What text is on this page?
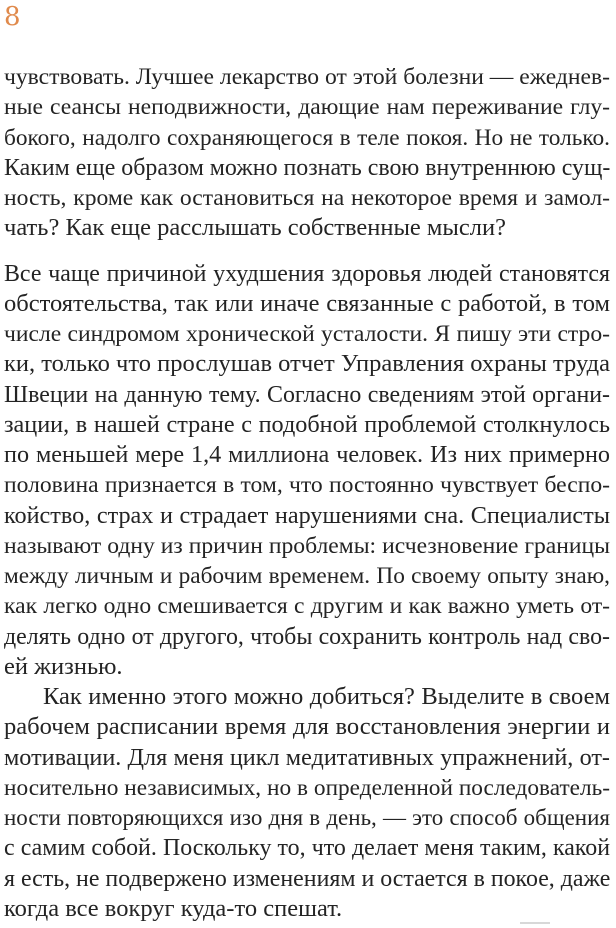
8
чувствовать. Лучшее лекарство от этой болезни — ежеднев-
ные сеансы неподвижности, дающие нам переживание глу-
бокого, надолго сохраняющегося в теле покоя. Но не только.
Каким еще образом можно познать свою внутреннюю сущ-
ность, кроме как остановиться на некоторое время и замол-
чать? Как еще расслышать собственные мысли?
Все чаще причиной ухудшения здоровья людей становятся
обстоятельства, так или иначе связанные с работой, в том
числе синдромом хронической усталости. Я пишу эти стро-
ки, только что прослушав отчет Управления охраны труда
Швеции на данную тему. Согласно сведениям этой органи-
зации, в нашей стране с подобной проблемой столкнулось
по меньшей мере 1,4 миллиона человек. Из них примерно
половина признается в том, что постоянно чувствует беспо-
койство, страх и страдает нарушениями сна. Специалисты
называют одну из причин проблемы: исчезновение границы
между личным и рабочим временем. По своему опыту знаю,
как легко одно смешивается с другим и как важно уметь от-
делять одно от другого, чтобы сохранить контроль над сво-
ей жизнью.
Как именно этого можно добиться? Выделите в своем
рабочем расписании время для восстановления энергии и
мотивации. Для меня цикл медитативных упражнений, от-
носительно независимых, но в определенной последователь-
ности повторяющихся изо дня в день, — это способ общения
с самим собой. Поскольку то, что делает меня таким, какой
я есть, не подвержено изменениям и остается в покое, даже
когда все вокруг куда-то спешат.
